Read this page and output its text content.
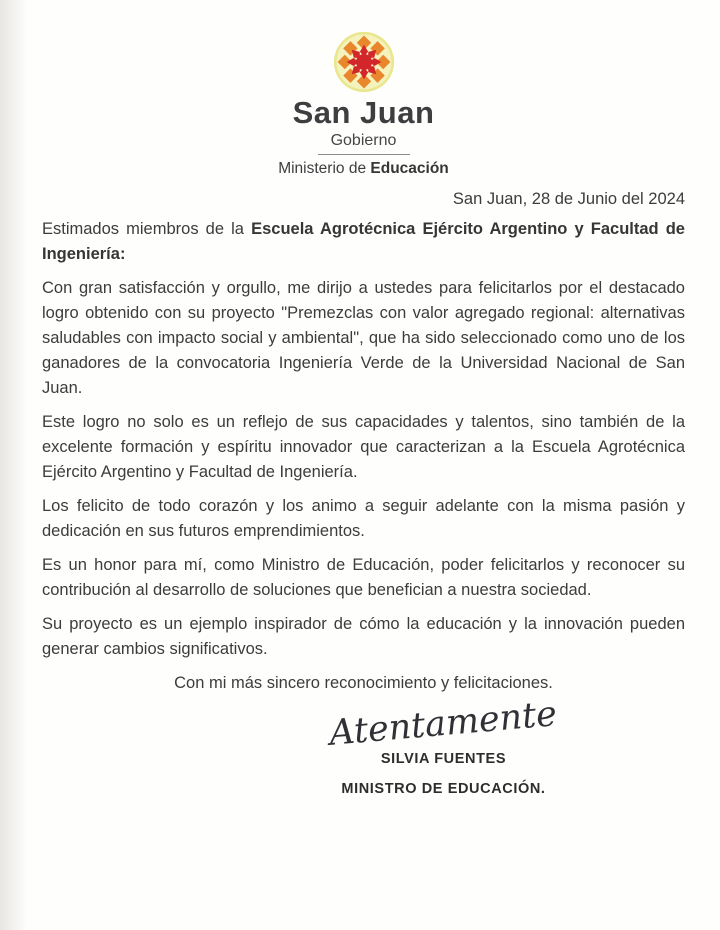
San Juan
Gobierno
Ministerio de Educación
San Juan, 28 de Junio del 2024

Estimados miembros de la Escuela Agrotécnica Ejército Argentino y Facultad de Ingeniería:

Con gran satisfacción y orgullo, me dirijo a ustedes para felicitarlos por el destacado logro obtenido con su proyecto "Premezclas con valor agregado regional: alternativas saludables con impacto social y ambiental", que ha sido seleccionado como uno de los ganadores de la convocatoria Ingeniería Verde de la Universidad Nacional de San Juan.

Este logro no solo es un reflejo de sus capacidades y talentos, sino también de la excelente formación y espíritu innovador que caracterizan a la Escuela Agrotécnica Ejército Argentino y Facultad de Ingeniería.

Los felicito de todo corazón y los animo a seguir adelante con la misma pasión y dedicación en sus futuros emprendimientos.

Es un honor para mí, como Ministro de Educación, poder felicitarlos y reconocer su contribución al desarrollo de soluciones que benefician a nuestra sociedad.

Su proyecto es un ejemplo inspirador de cómo la educación y la innovación pueden generar cambios significativos.

Con mi más sincero reconocimiento y felicitaciones.

Atentamente
SILVIA FUENTES
MINISTRO DE EDUCACIÓN.
